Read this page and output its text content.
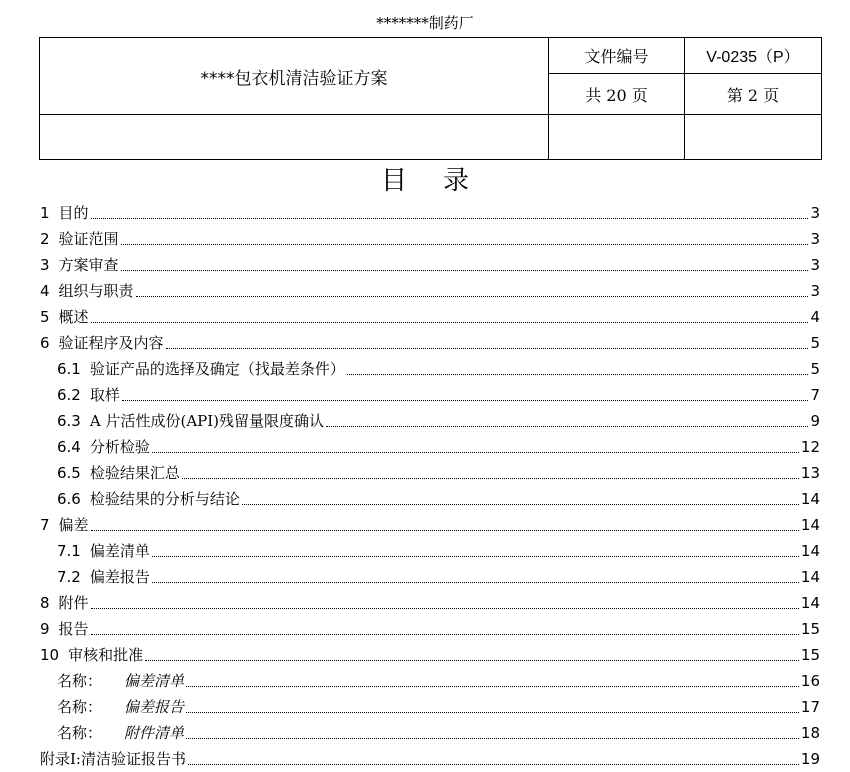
*******制药厂
****包衣机清洁验证方案	文件编号	V-0235（P）
	共 20 页	第 2 页

目录
1 目的	3
2 验证范围	3
3 方案审查	3
4 组织与职责	3
5 概述	4
6 验证程序及内容	5
6.1 验证产品的选择及确定（找最差条件）	5
6.2 取样	7
6.3 A 片活性成份(API)残留量限度确认	9
6.4 分析检验	12
6.5 检验结果汇总	13
6.6 检验结果的分析与结论	14
7 偏差	14
7.1 偏差清单	14
7.2 偏差报告	14
8 附件	14
9 报告	15
10 审核和批准	15
名称： 偏差清单	16
名称： 偏差报告	17
名称： 附件清单	18
附录Ⅰ: 清洁验证报告书	19
